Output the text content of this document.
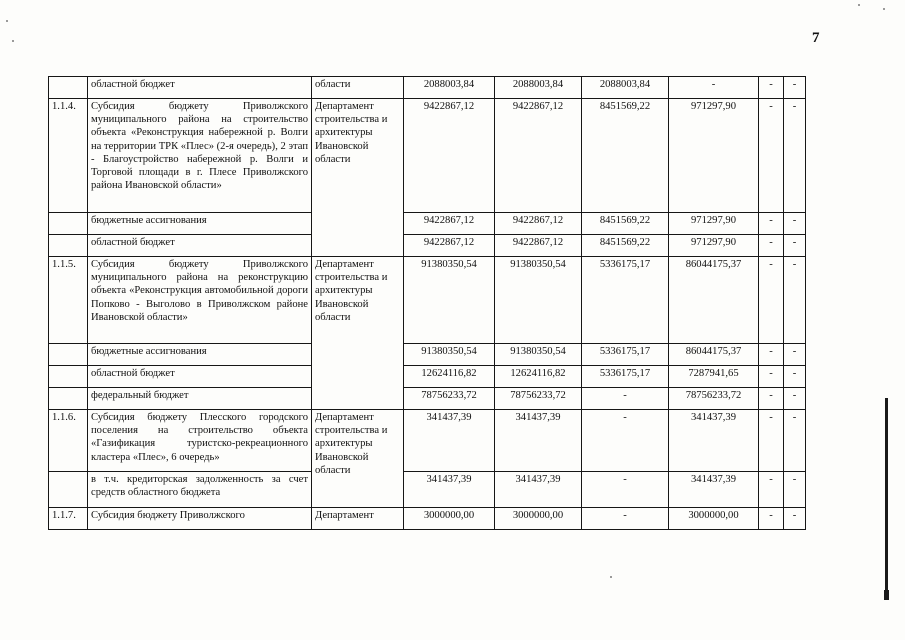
7
	областной бюджет	области	2088003,84	2088003,84	2088003,84	-	-	-
1.1.4.	Субсидия бюджету Приволжского муниципального района на строительство объекта «Реконструкция набережной р. Волги на территории ТРК «Плес» (2-я очередь), 2 этап - Благоустройство набережной р. Волги и Торговой площади в г. Плесе Приволжского района Ивановской области»	Департамент строительства и архитектуры Ивановской области	9422867,12	9422867,12	8451569,22	971297,90	-	-
	бюджетные ассигнования		9422867,12	9422867,12	8451569,22	971297,90	-	-
	областной бюджет		9422867,12	9422867,12	8451569,22	971297,90	-	-
1.1.5.	Субсидия бюджету Приволжского муниципального района на реконструкцию объекта «Реконструкция автомобильной дороги Попково - Выголово в Приволжском районе Ивановской области»	Департамент строительства и архитектуры Ивановской области	91380350,54	91380350,54	5336175,17	86044175,37	-	-
	бюджетные ассигнования		91380350,54	91380350,54	5336175,17	86044175,37	-	-
	областной бюджет		12624116,82	12624116,82	5336175,17	7287941,65	-	-
	федеральный бюджет		78756233,72	78756233,72	-	78756233,72	-	-
1.1.6.	Субсидия бюджету Плесского городского поселения на строительство объекта «Газификация туристско-рекреационного кластера «Плес», 6 очередь»	Департамент строительства и архитектуры Ивановской области	341437,39	341437,39	-	341437,39	-	-
	в т.ч. кредиторская задолженность за счет средств областного бюджета		341437,39	341437,39	-	341437,39	-	-
1.1.7.	Субсидия бюджету Приволжского	Департамент	3000000,00	3000000,00	-	3000000,00	-	-
